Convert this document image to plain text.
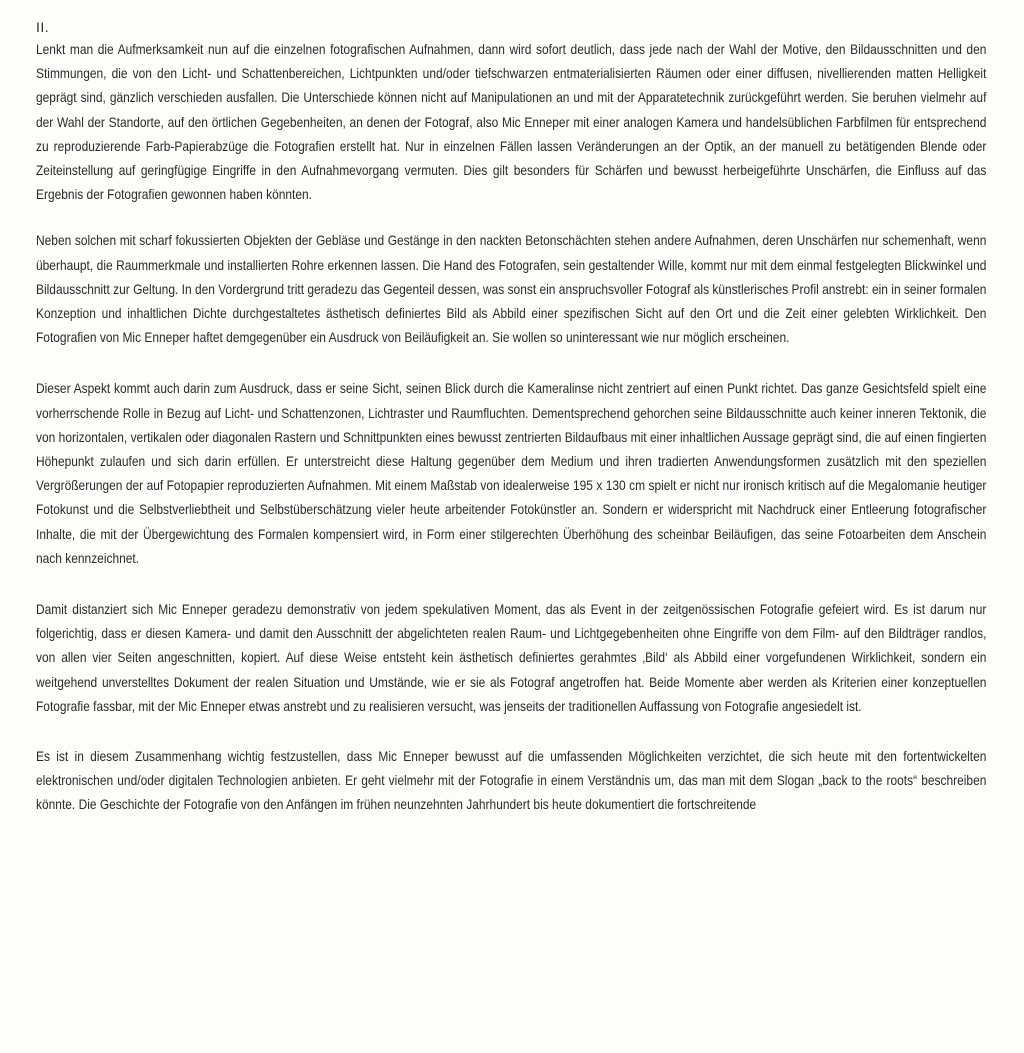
II.

Lenkt man die Aufmerksamkeit nun auf die einzelnen fotografischen Aufnahmen, dann wird sofort deutlich, dass jede nach der Wahl der Motive, den Bildausschnitten und den Stimmungen, die von den Licht- und Schattenbereichen, Lichtpunkten und/oder tiefschwarzen entmaterialisierten Räumen oder einer diffusen, nivellierenden matten Helligkeit geprägt sind, gänzlich verschieden ausfallen. Die Unterschiede können nicht auf Manipulationen an und mit der Apparatetechnik zurückgeführt werden. Sie beruhen vielmehr auf der Wahl der Standorte, auf den örtlichen Gegebenheiten, an denen der Fotograf, also Mic Enneper mit einer analogen Kamera und handelsüblichen Farbfilmen für entsprechend zu reproduzierende Farb-Papierabzüge die Fotografien erstellt hat. Nur in einzelnen Fällen lassen Veränderungen an der Optik, an der manuell zu betätigenden Blende oder Zeiteinstellung auf geringfügige Eingriffe in den Aufnahmevorgang vermuten. Dies gilt besonders für Schärfen und bewusst herbeigeführte Unschärfen, die Einfluss auf das Ergebnis der Fotografien gewonnen haben könnten.

Neben solchen mit scharf fokussierten Objekten der Gebläse und Gestänge in den nackten Betonschächten stehen andere Aufnahmen, deren Unschärfen nur schemenhaft, wenn überhaupt, die Raummerkmale und installierten Rohre erkennen lassen. Die Hand des Fotografen, sein gestaltender Wille, kommt nur mit dem einmal festgelegten Blickwinkel und Bildausschnitt zur Geltung. In den Vordergrund tritt geradezu das Gegenteil dessen, was sonst ein anspruchsvoller Fotograf als künstlerisches Profil anstrebt: ein in seiner formalen Konzeption und inhaltlichen Dichte durchgestaltetes ästhetisch definiertes Bild als Abbild einer spezifischen Sicht auf den Ort und die Zeit einer gelebten Wirklichkeit. Den Fotografien von Mic Enneper haftet demgegenüber ein Ausdruck von Beiläufigkeit an. Sie wollen so uninteressant wie nur möglich erscheinen.

Dieser Aspekt kommt auch darin zum Ausdruck, dass er seine Sicht, seinen Blick durch die Kameralinse nicht zentriert auf einen Punkt richtet. Das ganze Gesichtsfeld spielt eine vorherrschende Rolle in Bezug auf Licht- und Schattenzonen, Lichtraster und Raumfluchten. Dementsprechend gehorchen seine Bildausschnitte auch keiner inneren Tektonik, die von horizontalen, vertikalen oder diagonalen Rastern und Schnittpunkten eines bewusst zentrierten Bildaufbaus mit einer inhaltlichen Aussage geprägt sind, die auf einen fingierten Höhepunkt zulaufen und sich darin erfüllen. Er unterstreicht diese Haltung gegenüber dem Medium und ihren tradierten Anwendungsformen zusätzlich mit den speziellen Vergrößerungen der auf Fotopapier reproduzierten Aufnahmen. Mit einem Maßstab von idealerweise 195 x 130 cm spielt er nicht nur ironisch kritisch auf die Megalomanie heutiger Fotokunst und die Selbstverliebtheit und Selbstüberschätzung vieler heute arbeitender Fotokünstler an. Sondern er widerspricht mit Nachdruck einer Entleerung fotografischer Inhalte, die mit der Übergewichtung des Formalen kompensiert wird, in Form einer stilgerechten Überhöhung des scheinbar Beiläufigen, das seine Fotoarbeiten dem Anschein nach kennzeichnet.

Damit distanziert sich Mic Enneper geradezu demonstrativ von jedem spekulativen Moment, das als Event in der zeitgenössischen Fotografie gefeiert wird. Es ist darum nur folgerichtig, dass er diesen Kamera- und damit den Ausschnitt der abgelichteten realen Raum- und Lichtgegebenheiten ohne Eingriffe von dem Film- auf den Bildträger randlos, von allen vier Seiten angeschnitten, kopiert. Auf diese Weise entsteht kein ästhetisch definiertes gerahmtes ‚Bild‘ als Abbild einer vorgefundenen Wirklichkeit, sondern ein weitgehend unverstelltes Dokument der realen Situation und Umstände, wie er sie als Fotograf angetroffen hat. Beide Momente aber werden als Kriterien einer konzeptuellen Fotografie fassbar, mit der Mic Enneper etwas anstrebt und zu realisieren versucht, was jenseits der traditionellen Auffassung von Fotografie angesiedelt ist.

Es ist in diesem Zusammenhang wichtig festzustellen, dass Mic Enneper bewusst auf die umfassenden Möglichkeiten verzichtet, die sich heute mit den fortentwickelten elektronischen und/oder digitalen Technologien anbieten. Er geht vielmehr mit der Fotografie in einem Verständnis um, das man mit dem Slogan „back to the roots“ beschreiben könnte. Die Geschichte der Fotografie von den Anfängen im frühen neunzehnten Jahrhundert bis heute dokumentiert die fortschreitende
